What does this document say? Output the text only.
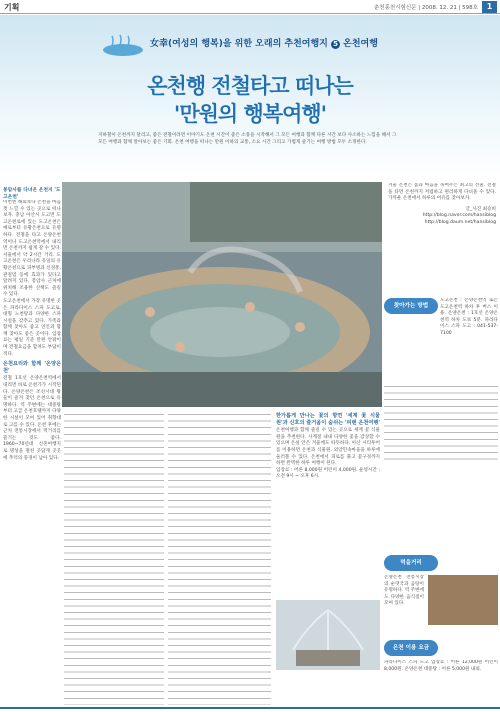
기획	춘천홍천시험신문 | 2008. 12. 21 | 598호	1
女幸(여성의 행복)을 위한 오래의 추천여행지 5 온천여행
온천행 전철타고 떠나는
'만원의 행복여행'
지하철이 온천까지 달리고, 좋은 전철이라면 이야기도 온천 시간이 좋은 소풍을 시작해서 그 모든 여행과 함께 다른 시간 보다 사소하는 느낌을 해서 그 모든 여행과 함께 알아보는 좋은 기회. 온천 여행을 떠나는 만원 이하의 교통, 소요 시간 그리고 가볍게 즐기는 여행 방법 모두 소개한다.
봉암사를 다녀온 온천지 '도고온천'

이번엔 해외보다 온천을 마음껏 느낄 수 있는 곳으로 떠나보자. 충남 아산시 도고면 도고온천로에 있는 도고온천은 예로부터 유황온천으로 유명하다. 전철을 타고 온양온천역이나 도고온천역에서 내리면 온천까지 쉽게 갈 수 있다. 서울에서 약 2시간 거리. 도고온천은 우리나라 유일의 유황온천으로 피부병과 신경통, 관절염 등에 효과가 있다고 알려져 있다. 봉암사 근처에 위치해 조용한 산책도 즐길 수 있다.

도고온천에서 가장 유명한 곳은 파라다이스 스파 도고로, 대형 노천탕과 다양한 스파 시설을 갖추고 있다. 가족과 함께 찾아도 좋고 연인과 함께 찾아도 좋은 곳이다. 입장료는 평일 기준 만원 안팎이며 전철요금을 합쳐도 부담이 적다.

온천요리와 함께 '온양온천'

전철 1호선 온양온천역에서 내리면 바로 온천가가 시작된다. 온양온천은 조선시대 왕들이 즐겨 찾던 온천으로 유명하다. 역 주변에는 대중탕부터 고급 온천호텔까지 다양한 시설이 모여 있어 취향대로 고를 수 있다. 온천 후에는 근처 전통시장에서 먹거리를 즐기는 것도 좋다. 1960~70년대 신혼여행지로 명성을 떨친 곳답게 곳곳에 추억의 풍경이 남아 있다.

한가롭게 만나는 꽃의 향연 '세계 꽃 식물원'과 신호의 즐거움이 숨쉬는 '피렌 온천여행'

온천여행과 함께 즐길 수 있는 곳으로 세계 꽃 식물원을 추천한다. 사계절 내내 다양한 꽃을 감상할 수 있으며 온실 안은 겨울에도 따뜻하다. 아산 시티투어를 이용하면 온천과 식물원, 외암민속마을을 하루에 둘러볼 수 있다. 온천에서 피로를 풀고 꽃구경까지 하면 완벽한 하루 여행이 된다.

입장료 : 어른 8,000원 어린이 4,000원. 운영시간 : 오전 9시 ~ 오후 6시.

겨울 온천은 몸과 마음을 녹여주는 최고의 선물. 전철을 타면 온천까지 저렴하고 편리하게 다녀올 수 있다. 가까운 온천에서 하루의 여유를 찾아보자.

글_사진 최승희

http://blog.naver.com/hansiblog

http://blog.daum.net/hansiblog

찾아가는 방법
도고온천 : 온양온천역 또는 도고온천역 하차 후 버스 이용. 온양온천 : 1호선 온양온천역 하차 도보 5분. 파라다이스 스파 도고 : 041-537-7100
먹을거리
온양온천 전통시장의 순댓국과 곰탕이 유명하다. 역 주변에도 다양한 음식점이 모여 있다.
온천 이용 요금
파라다이스 스파 도고 입장료 : 어른 12,000원 어린이 8,000원. 온양온천 대중탕 : 어른 5,000원 내외.
